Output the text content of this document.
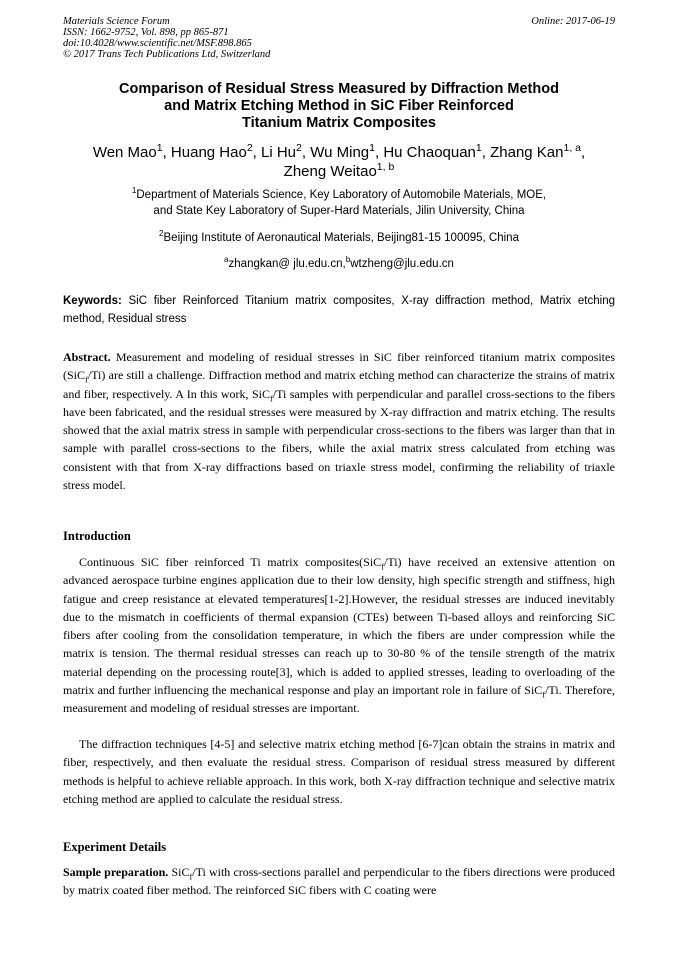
Materials Science Forum
ISSN: 1662-9752, Vol. 898, pp 865-871
doi:10.4028/www.scientific.net/MSF.898.865
© 2017 Trans Tech Publications Ltd, Switzerland
Online: 2017-06-19
Comparison of Residual Stress Measured by Diffraction Method
and Matrix Etching Method in SiC Fiber Reinforced
Titanium Matrix Composites
Wen Mao$^1$, Huang Hao$^2$, Li Hu$^2$, Wu Ming$^1$, Hu Chaoquan$^1$, Zhang Kan$^{1, a}$,
Zheng Weitao$^{1, b}$
$^1$Department of Materials Science, Key Laboratory of Automobile Materials, MOE,
and State Key Laboratory of Super-Hard Materials, Jilin University, China
$^2$Beijing Institute of Aeronautical Materials, Beijing81-15 100095, China
$^a$zhangkan@ jlu.edu.cn,$^b$wtzheng@jlu.edu.cn
Keywords: SiC fiber Reinforced Titanium matrix composites, X-ray diffraction method, Matrix etching method, Residual stress
Abstract. Measurement and modeling of residual stresses in SiC fiber reinforced titanium matrix composites (SiC$_f$/Ti) are still a challenge. Diffraction method and matrix etching method can characterize the strains of matrix and fiber, respectively. A In this work, SiC$_f$/Ti samples with perpendicular and parallel cross-sections to the fibers have been fabricated, and the residual stresses were measured by X-ray diffraction and matrix etching. The results showed that the axial matrix stress in sample with perpendicular cross-sections to the fibers was larger than that in sample with parallel cross-sections to the fibers, while the axial matrix stress calculated from etching was consistent with that from X-ray diffractions based on triaxle stress model, confirming the reliability of triaxle stress model.
Introduction
Continuous SiC fiber reinforced Ti matrix composites(SiC$_f$/Ti) have received an extensive attention on advanced aerospace turbine engines application due to their low density, high specific strength and stiffness, high fatigue and creep resistance at elevated temperatures[1-2].However, the residual stresses are induced inevitably due to the mismatch in coefficients of thermal expansion (CTEs) between Ti-based alloys and reinforcing SiC fibers after cooling from the consolidation temperature, in which the fibers are under compression while the matrix is tension. The thermal residual stresses can reach up to 30-80 % of the tensile strength of the matrix material depending on the processing route[3], which is added to applied stresses, leading to overloading of the matrix and further influencing the mechanical response and play an important role in failure of SiC$_f$/Ti. Therefore, measurement and modeling of residual stresses are important.
The diffraction techniques [4-5] and selective matrix etching method [6-7]can obtain the strains in matrix and fiber, respectively, and then evaluate the residual stress. Comparison of residual stress measured by different methods is helpful to achieve reliable approach. In this work, both X-ray diffraction technique and selective matrix etching method are applied to calculate the residual stress.
Experiment Details
Sample preparation. SiC$_f$/Ti with cross-sections parallel and perpendicular to the fibers directions were produced by matrix coated fiber method. The reinforced SiC fibers with C coating were
